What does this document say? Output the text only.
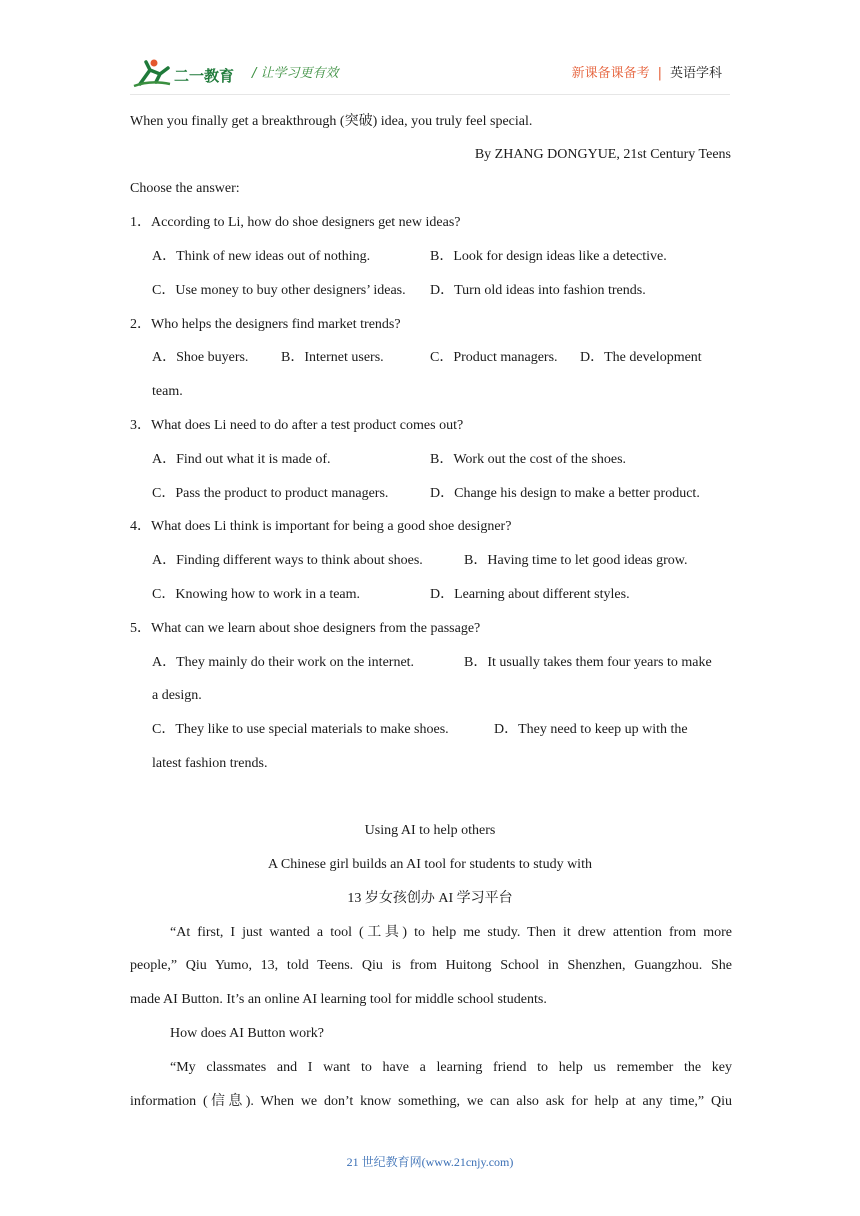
二一教育 / 让学习更有效	新课备课备考 | 英语学科
When you finally get a breakthrough (突破) idea, you truly feel special.
By ZHANG DONGYUE, 21st Century Teens
Choose the answer:
1．According to Li, how do shoe designers get new ideas?
A．Think of new ideas out of nothing.	B．Look for design ideas like a detective.
C．Use money to buy other designers’ ideas. D．Turn old ideas into fashion trends.
2．Who helps the designers find market trends?
A．Shoe buyers. B．Internet users.	C．Product managers. D．The development
team.
3．What does Li need to do after a test product comes out?
A．Find out what it is made of.	B．Work out the cost of the shoes.
C．Pass the product to product managers.	D．Change his design to make a better product.
4．What does Li think is important for being a good shoe designer?
A．Finding different ways to think about shoes.	B．Having time to let good ideas grow.
C．Knowing how to work in a team.	D．Learning about different styles.
5．What can we learn about shoe designers from the passage?
A．They mainly do their work on the internet.	B．It usually takes them four years to make
a design.
C．They like to use special materials to make shoes.	D．They need to keep up with the
latest fashion trends.
Using AI to help others
A Chinese girl builds an AI tool for students to study with
13 岁女孩创办 AI 学习平台
“At first, I just wanted a tool (工具) to help me study. Then it drew attention from more
people,” Qiu Yumo, 13, told Teens. Qiu is from Huitong School in Shenzhen, Guangzhou. She
made AI Button. It’s an online AI learning tool for middle school students.
How does AI Button work?
“My classmates and I want to have a learning friend to help us remember the key
information (信息). When we don’t know something, we can also ask for help at any time,” Qiu
21 世纪教育网(www.21cnjy.com)
